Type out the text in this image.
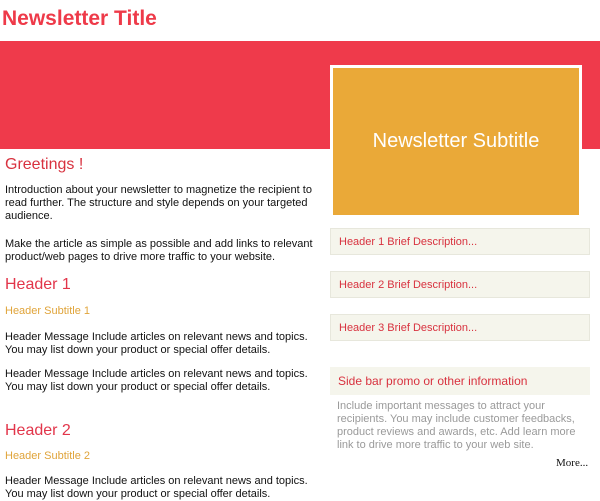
Newsletter Title
Newsletter Subtitle

Greetings !

Introduction about your newsletter to magnetize the recipient to read further. The structure and style depends on your targeted audience.

Make the article as simple as possible and add links to relevant product/web pages to drive more traffic to your website.

Header 1

Header Subtitle 1

Header Message Include articles on relevant news and topics. You may list down your product or special offer details.

Header Message Include articles on relevant news and topics. You may list down your product or special offer details.

Header 2

Header Subtitle 2

Header Message Include articles on relevant news and topics. You may list down your product or special offer details.

Header 1 Brief Description...
Header 2 Brief Description...
Header 3 Brief Description...
Side bar promo or other information

Include important messages to attract your recipients. You may include customer feedbacks, product reviews and awards, etc. Add learn more link to drive more traffic to your web site.

More...
